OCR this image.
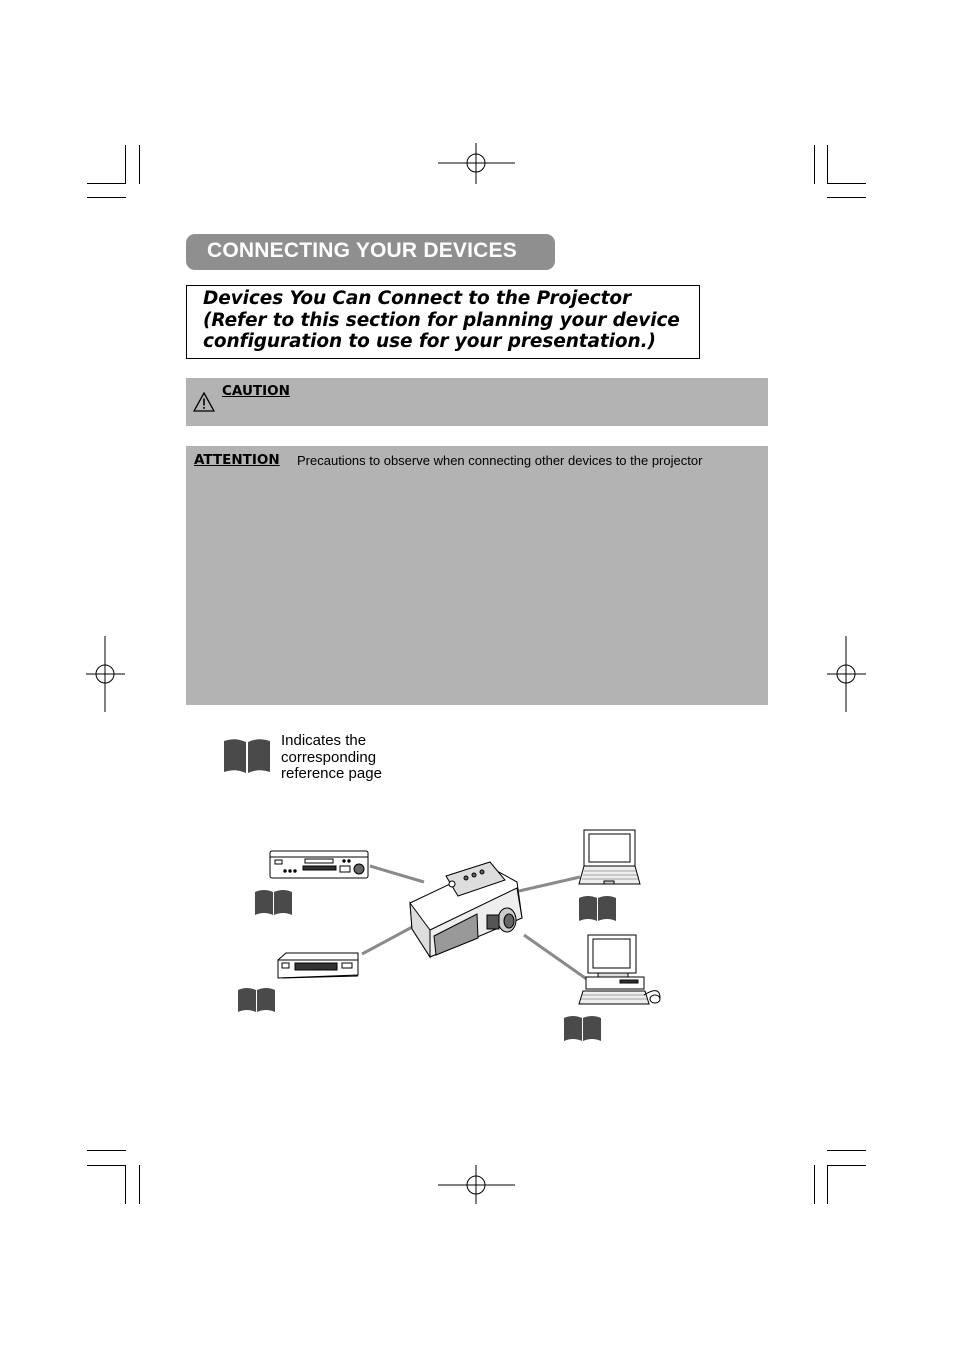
CONNECTING YOUR DEVICES
Devices You Can Connect to the Projector
(Refer to this section for planning your device
configuration to use for your presentation.)
CAUTION
ATTENTION Precautions to observe when connecting other devices to the projector
Indicates the
corresponding
reference page
